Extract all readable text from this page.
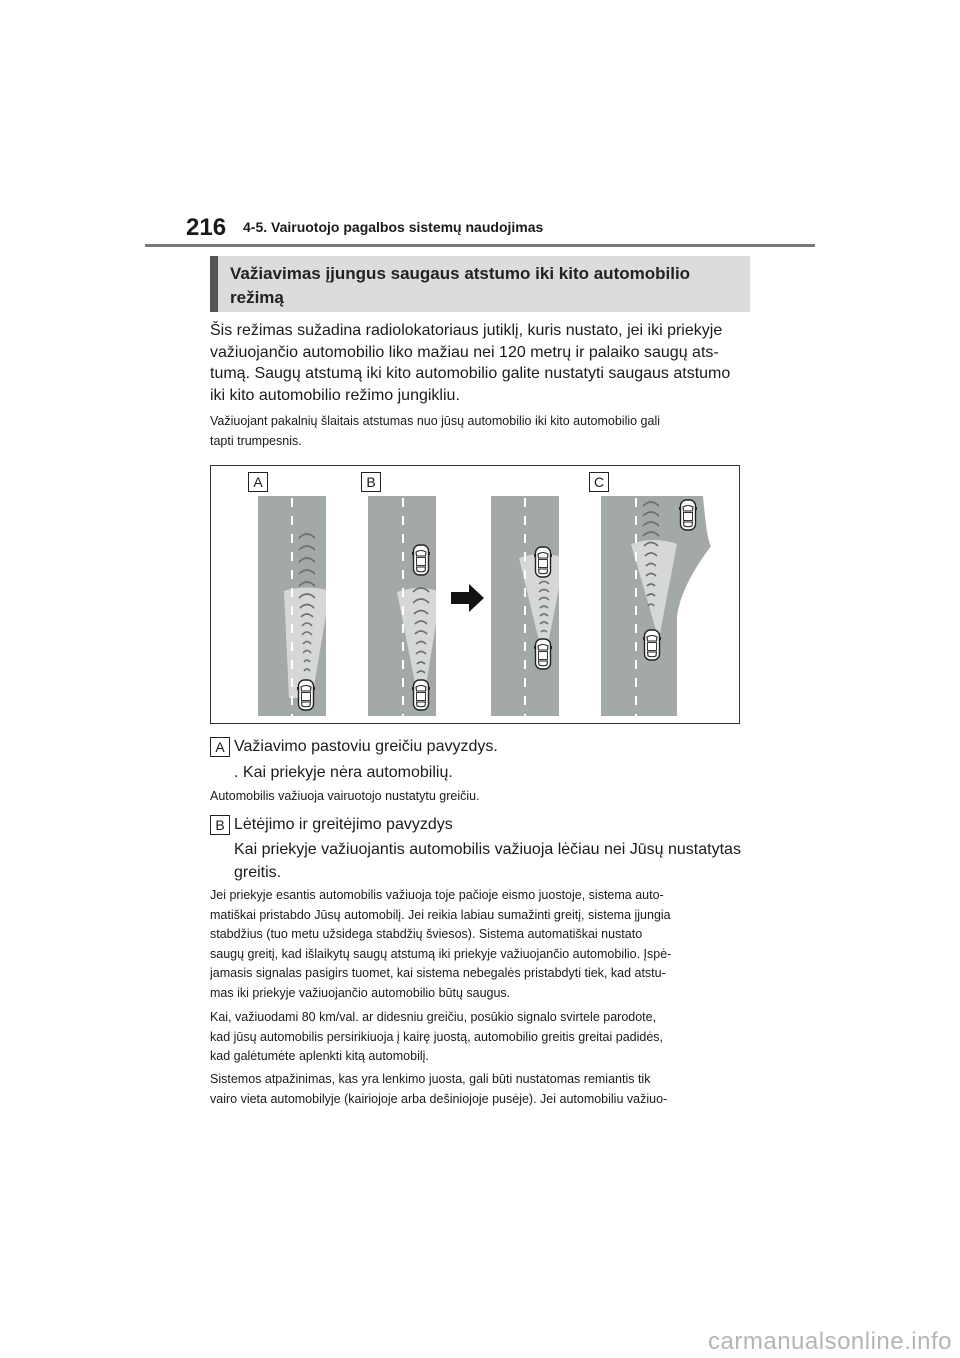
216 4-5. Vairuotojo pagalbos sistemų naudojimas
Važiavimas įjungus saugaus atstumo iki kito automobilio
režimą
Šis režimas sužadina radiolokatoriaus jutiklį, kuris nustato, jei iki priekyje
važiuojančio automobilio liko mažiau nei 120 metrų ir palaiko saugų ats-
tumą. Saugų atstumą iki kito automobilio galite nustatyti saugaus atstumo
iki kito automobilio režimo jungikliu.
Važiuojant pakalnių šlaitais atstumas nuo jūsų automobilio iki kito automobilio gali
tapti trumpesnis.
A	B	C
A Važiavimo pastoviu greičiu pavyzdys.
. Kai priekyje nėra automobilių.
Automobilis važiuoja vairuotojo nustatytu greičiu.
B Lėtėjimo ir greitėjimo pavyzdys
Kai priekyje važiuojantis automobilis važiuoja lėčiau nei Jūsų nustatytas
greitis.
Jei priekyje esantis automobilis važiuoja toje pačioje eismo juostoje, sistema auto-
matiškai pristabdo Jūsų automobilį. Jei reikia labiau sumažinti greitį, sistema įjungia
stabdžius (tuo metu užsidega stabdžių šviesos). Sistema automatiškai nustato
saugų greitį, kad išlaikytų saugų atstumą iki priekyje važiuojančio automobilio. Įspė-
jamasis signalas pasigirs tuomet, kai sistema nebegalės pristabdyti tiek, kad atstu-
mas iki priekyje važiuojančio automobilio būtų saugus.
Kai, važiuodami 80 km/val. ar didesniu greičiu, posūkio signalo svirtele parodote,
kad jūsų automobilis persirikiuoja į kairę juostą, automobilio greitis greitai padidės,
kad galėtumėte aplenkti kitą automobilį.
Sistemos atpažinimas, kas yra lenkimo juosta, gali būti nustatomas remiantis tik
vairo vieta automobilyje (kairiojoje arba dešiniojoje pusėje). Jei automobiliu važiuo-
carmanualsonline.info
